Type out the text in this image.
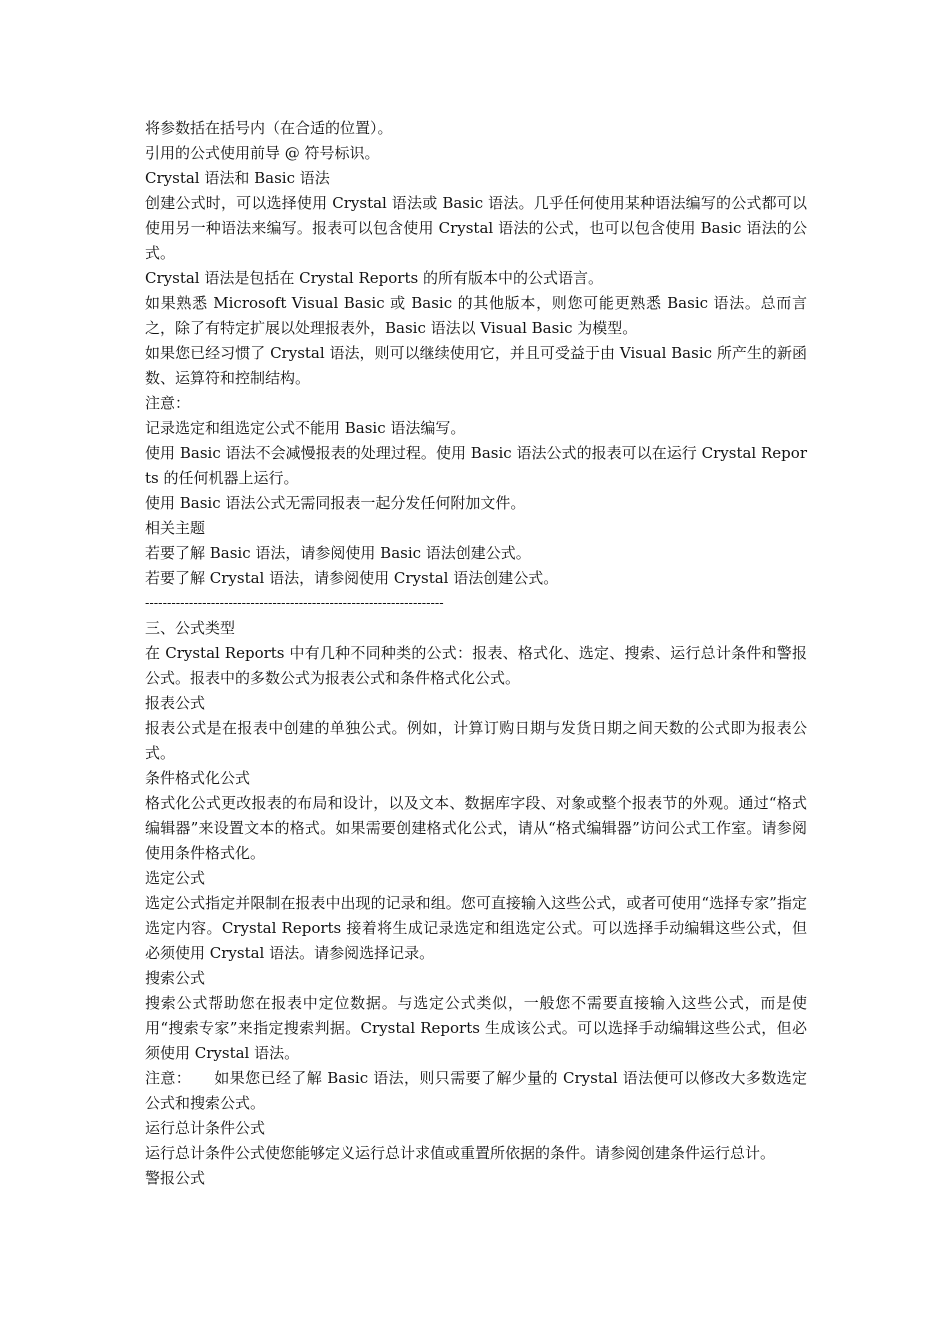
将参数括在括号内（在合适的位置）。

引用的公式使用前导 @ 符号标识。

Crystal 语法和 Basic 语法

创建公式时，可以选择使用 Crystal 语法或 Basic 语法。几乎任何使用某种语法编写的公式都可以使用另一种语法来编写。报表可以包含使用 Crystal 语法的公式，也可以包含使用 Basic 语法的公式。

Crystal 语法是包括在 Crystal Reports 的所有版本中的公式语言。

如果熟悉 Microsoft Visual Basic 或 Basic 的其他版本，则您可能更熟悉 Basic 语法。总而言之，除了有特定扩展以处理报表外，Basic 语法以 Visual Basic 为模型。

如果您已经习惯了 Crystal 语法，则可以继续使用它，并且可受益于由 Visual Basic 所产生的新函数、运算符和控制结构。

注意：

记录选定和组选定公式不能用 Basic 语法编写。

使用 Basic 语法不会减慢报表的处理过程。使用 Basic 语法公式的报表可以在运行 Crystal Reports 的任何机器上运行。

使用 Basic 语法公式无需同报表一起分发任何附加文件。

相关主题

若要了解 Basic 语法，请参阅使用 Basic 语法创建公式。

若要了解 Crystal 语法，请参阅使用 Crystal 语法创建公式。

--------------------------------------------------------------------

三、公式类型

在 Crystal Reports 中有几种不同种类的公式：报表、格式化、选定、搜索、运行总计条件和警报公式。报表中的多数公式为报表公式和条件格式化公式。

报表公式

报表公式是在报表中创建的单独公式。例如，计算订购日期与发货日期之间天数的公式即为报表公式。

条件格式化公式

格式化公式更改报表的布局和设计，以及文本、数据库字段、对象或整个报表节的外观。通过“格式编辑器”来设置文本的格式。如果需要创建格式化公式，请从“格式编辑器”访问公式工作室。请参阅使用条件格式化。

选定公式

选定公式指定并限制在报表中出现的记录和组。您可直接输入这些公式，或者可使用“选择专家”指定选定内容。Crystal Reports 接着将生成记录选定和组选定公式。可以选择手动编辑这些公式，但必须使用 Crystal 语法。请参阅选择记录。

搜索公式

搜索公式帮助您在报表中定位数据。与选定公式类似，一般您不需要直接输入这些公式，而是使用“搜索专家”来指定搜索判据。Crystal Reports 生成该公式。可以选择手动编辑这些公式，但必须使用 Crystal 语法。

注意：　　如果您已经了解 Basic 语法，则只需要了解少量的 Crystal 语法便可以修改大多数选定公式和搜索公式。

运行总计条件公式

运行总计条件公式使您能够定义运行总计求值或重置所依据的条件。请参阅创建条件运行总计。

警报公式
